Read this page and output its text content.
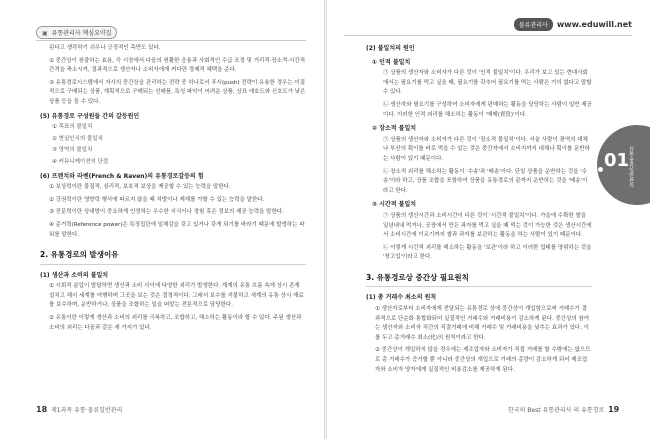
▣ 유통관리사 핵심요약집

된다고 생각하기 쉬우나 긍정적인 측면도 있다.

② 중간상이 창출하는 효용, 즉 시장에서 다음의 원활한 응용과 사회적인 수급 조정 및 거리적·장소적·시간적 간격을 축소시켜, 결과적으로 생산자나 소비자에게 커다란 경제적 혜택을 준다.

③ 유통경로시스템에서 자사의 중간상을 관리하는 전략 중 하나로서 푸시(push) 전략이 유용한 경우는 이질적으로 구매되는 상품, 계획적으로 구매되는 선매품, 특성 파악이 어려운 상품, 상표 애호도와 신호도가 낮은 상품 등을 들 수 있다.

(5) 유통경로 구성원들 간의 갈등원인
① 목표의 불일치
② 현실인식의 불일치
③ 영역의 불일치
④ 커뮤니케이션의 단절
(6) 프렌치와 라벤(French & Raven)의 유통경로갈등의 힘

① 보상력이란 물질적, 심리적, 보호적 보상을 제공할 수 있는 능력을 말한다.

② 강권력이란 영향력 행사에 따르지 않을 때 처벌이나 제재를 가할 수 있는 능력을 말한다.

③ 전문력이란 상대방이 중요하게 인정하는 우수한 지식이나 경험 혹은 정보의 제공 능력을 말한다.

④ 준거력(Reference power)은 특정집단에 일체감을 갖고 있거나 갖게 되기를 바라기 때문에 발생하는 파워를 말한다.

2. 유통경로의 발생이유
(1) 생산과 소비의 불일치

① 시회적 분업이 발달하면 생산과 소비 사이에 다양한 괴리가 발생한다. 재계의 유통 흐름 속에 상시 존재 설치고 해서 세계를 여행하며 그곳을 보는 것은 결정적이다. 그래서 보수를 지불하고 세계의 유통 상시 재료를 보수하며, 운반하거나, 상품을 조합하는 일을 떠맡는 전문적으로 담당한다.

② 유통이란 이렇게 생산과 소비의 괴리를 극복하고, 조합하고, 해소하는 활동이라 할 수 있다. 주된 생산과 소비의 괴리는 다음과 같은 세 가지가 있다.

18 제1과목 유통·물류일반관리
물류관리사	www.eduwill.net
(2) 불일치의 원인
① 인적 불일치

㉠ 상품의 생산자와 소비자가 다른 것이 '인적 불일치'이다. 우리가 보고 있는 현대사회에서는 필요기를 먹고 싶을 때, 필요기를 갖추어 필요기를 먹는 사람은 거의 없다고 말할 수 있다.

㉡ 생산자와 필요기를 구성하여 소비자에게 판매하는 활동을 담당하는 사람이 일반 제공이다. 이러한 인적 괴리를 해소하는 활동이 '매매(賣買)'이다.

② 장소적 불일치

㉠ 상품의 생산자와 소비자가 다른 것이 '장소적 불일치'이다. 서울 사람이 광역의 대체나 부산의 획이를 바로 먹을 수 있는 것은 중간자에서 소비지까지 대체나 획이를 운반하는 사람이 있기 때문이다.

㉡ 장소적 괴리를 해소하는 활동이 '수송'과 '배송'이다. 단일 상품을 운반하는 것을 '수송'이라 하고, 상품 조합을 포함하여 상품을 유통경로의 끝까지 운반하는 것을 '배송'이라고 한다.

③ 시간적 불일치

㉠ 상품의 생산시간과 소비시간이 다른 것이 '시간적 불일치'이다. 가을에 수확한 쌀을 일년내내 먹거나, 공장에서 만든 과자를 먹고 싶을 때 먹는 것이 가능한 것은 생산시간에서 소비시간에 이르기까지 쌀과 과자를 보관하는 활동을 하는 사람이 있기 때문이다.

㉡ 이렇게 시간적 괴리를 해소하는 활동을 '보관'이라 하고 이러한 업태를 영위하는 것을 '창고업'이라고 한다.

3. 유통경로상 중간상 필요원칙
(1) 총 거래수 최소의 원칙

① 생산자로부터 소비자에게 전달되는 유통경로 상에 중간상이 개입함으로써 거래수가 결과적으로 단순화·통합화되어 실질적인 거래수와 거래비용이 감소하게 된다. 중간상의 참여는 생산자와 소비자 직간의 직결거래에 비해 거래수 및 거래비용을 낮추는 효과가 있다. 이를 두고 총거래수 최소(化)의 원칙이라고 한다.

② 중간상이 개입하지 않을 경우에는 제조업자와 소비자가 직접 거래를 할 수밖에는 없으므로 총 거래수가 증가할 뿐 아니라 중간상의 개입으로 거래의 총량이 감소하게 되어 제조업자와 소비자 양자에게 실질적인 비용감소를 제공하게 된다.

01
유통·물류일반관리
한국의 Best 유통관리사 의 유통경로 19
